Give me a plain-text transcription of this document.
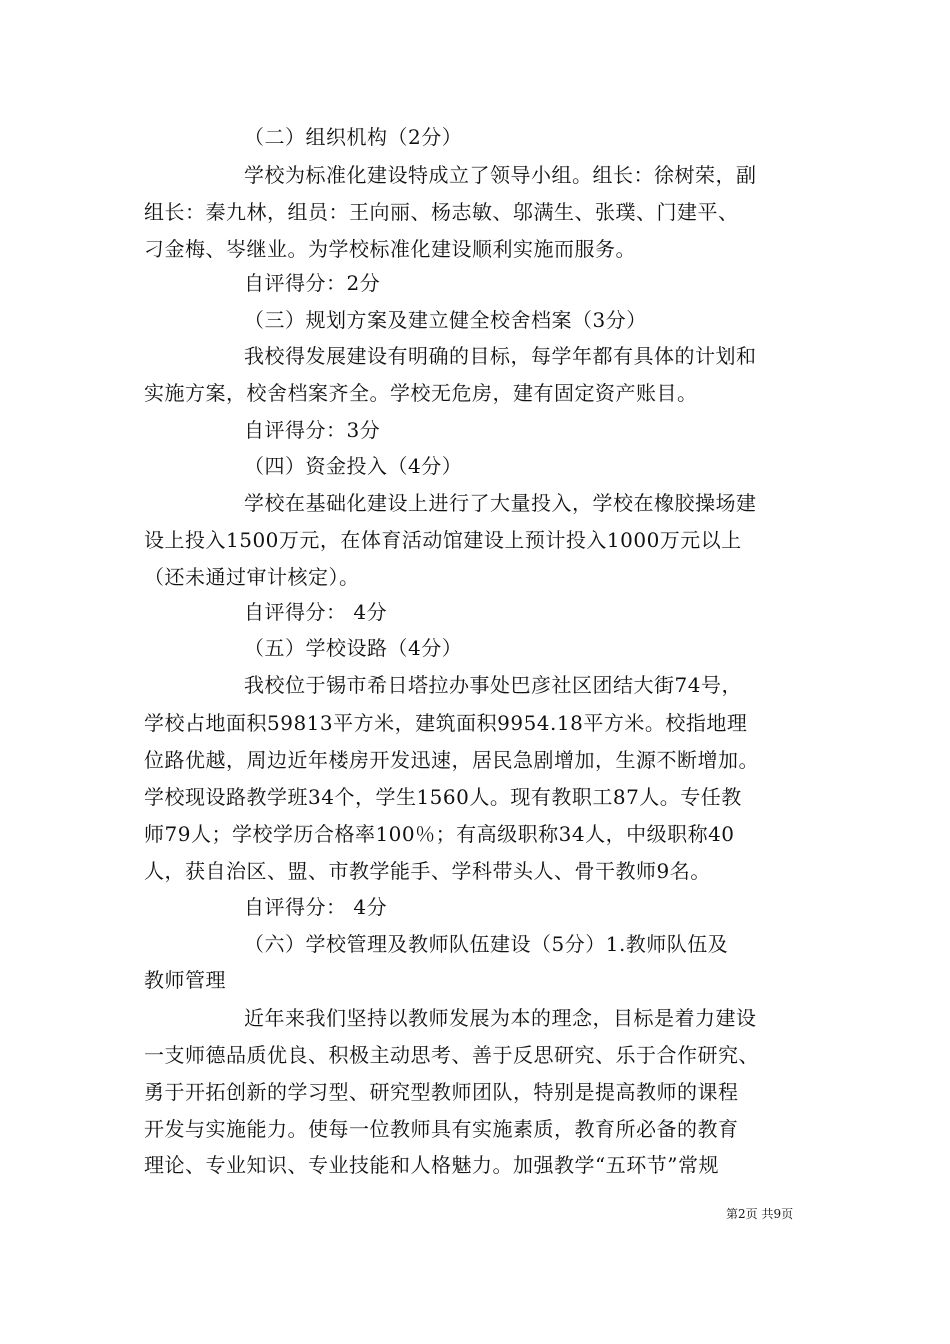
（二）组织机构（2分）
学校为标准化建设特成立了领导小组。组长：徐树荣，副
组长：秦九林，组员：王向丽、杨志敏、邬满生、张璞、门建平、
刁金梅、岑继业。为学校标准化建设顺利实施而服务。
自评得分：2分
（三）规划方案及建立健全校舍档案（3分）
我校得发展建设有明确的目标，每学年都有具体的计划和
实施方案，校舍档案齐全。学校无危房，建有固定资产账目。
自评得分：3分
（四）资金投入（4分）
学校在基础化建设上进行了大量投入，学校在橡胶操场建
设上投入1500万元，在体育活动馆建设上预计投入1000万元以上
（还未通过审计核定）。
自评得分： 4分
（五）学校设路（4分）
我校位于锡市希日塔拉办事处巴彦社区团结大街74号，
学校占地面积59813平方米，建筑面积9954.18平方米。校指地理
位路优越，周边近年楼房开发迅速，居民急剧增加，生源不断增加。
学校现设路教学班34个，学生1560人。现有教职工87人。专任教
师79人；学校学历合格率100％；有高级职称34人，中级职称40
人，获自治区、盟、市教学能手、学科带头人、骨干教师9名。
自评得分： 4分
（六）学校管理及教师队伍建设（5分）1.教师队伍及
教师管理
近年来我们坚持以教师发展为本的理念，目标是着力建设
一支师德品质优良、积极主动思考、善于反思研究、乐于合作研究、
勇于开拓创新的学习型、研究型教师团队，特别是提高教师的课程
开发与实施能力。使每一位教师具有实施素质，教育所必备的教育
理论、专业知识、专业技能和人格魅力。加强教学“五环节”常规
第2页 共9页
